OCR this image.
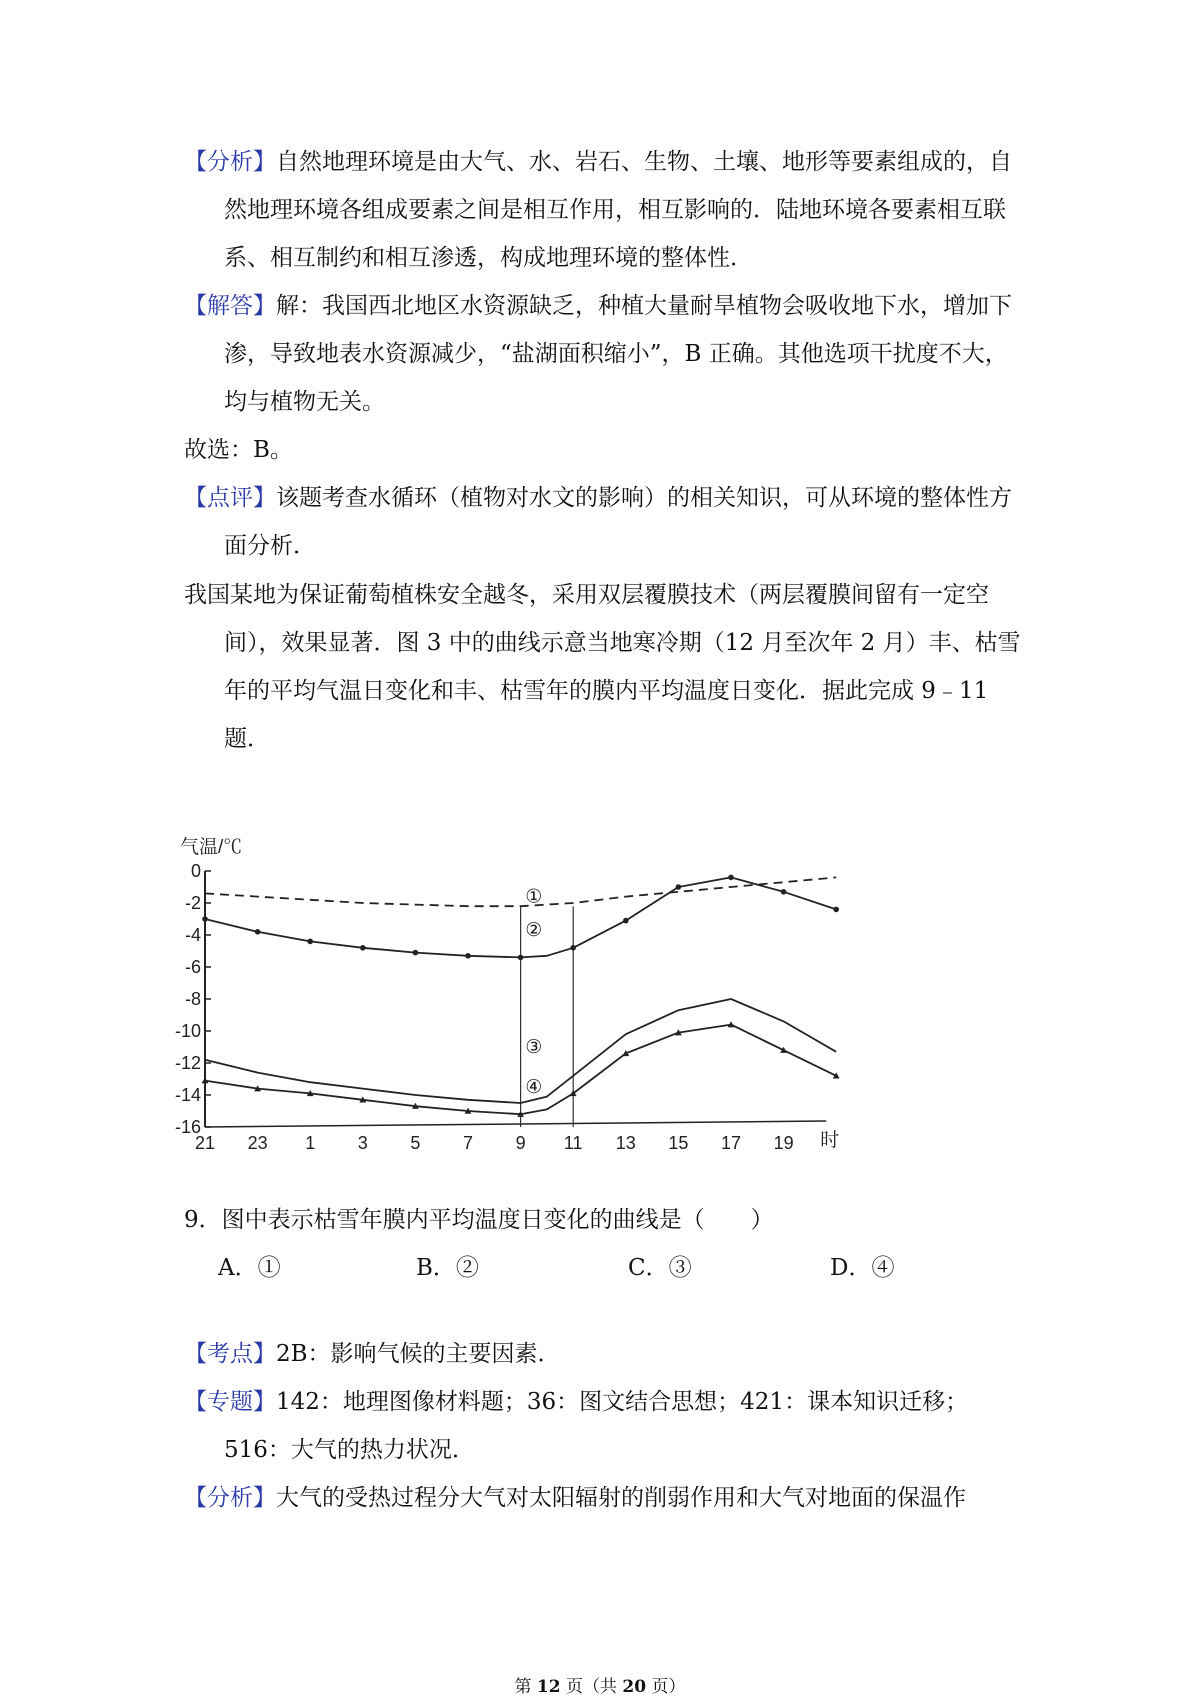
【分析】自然地理环境是由大气、水、岩石、生物、土壤、地形等要素组成的，自然地理环境各组成要素之间是相互作用，相互影响的．陆地环境各要素相互联系、相互制约和相互渗透，构成地理环境的整体性．

【解答】解：我国西北地区水资源缺乏，种植大量耐旱植物会吸收地下水，增加下渗，导致地表水资源减少，“盐湖面积缩小”，B 正确。其他选项干扰度不大，均与植物无关。

故选：B。

【点评】该题考查水循环（植物对水文的影响）的相关知识，可从环境的整体性方面分析．

我国某地为保证葡萄植株安全越冬，采用双层覆膜技术（两层覆膜间留有一定空间），效果显著．图 3 中的曲线示意当地寒冷期（12 月至次年 2 月）丰、枯雪年的平均气温日变化和丰、枯雪年的膜内平均温度日变化．据此完成 9﹣11 题．

气温/℃
时
0
-2
-4
-6
-8
-10
-12
-14
-16
21 23 1 3 5 7 9 11 13 15 17 19
①
②
③
④

9．图中表示枯雪年膜内平均温度日变化的曲线是（　　）

A．①	B．②	C．③	D．④

【考点】2B：影响气候的主要因素．

【专题】142：地理图像材料题；36：图文结合思想；421：课本知识迁移；516：大气的热力状况．

【分析】大气的受热过程分大气对太阳辐射的削弱作用和大气对地面的保温作

第 12 页（共 20 页）
